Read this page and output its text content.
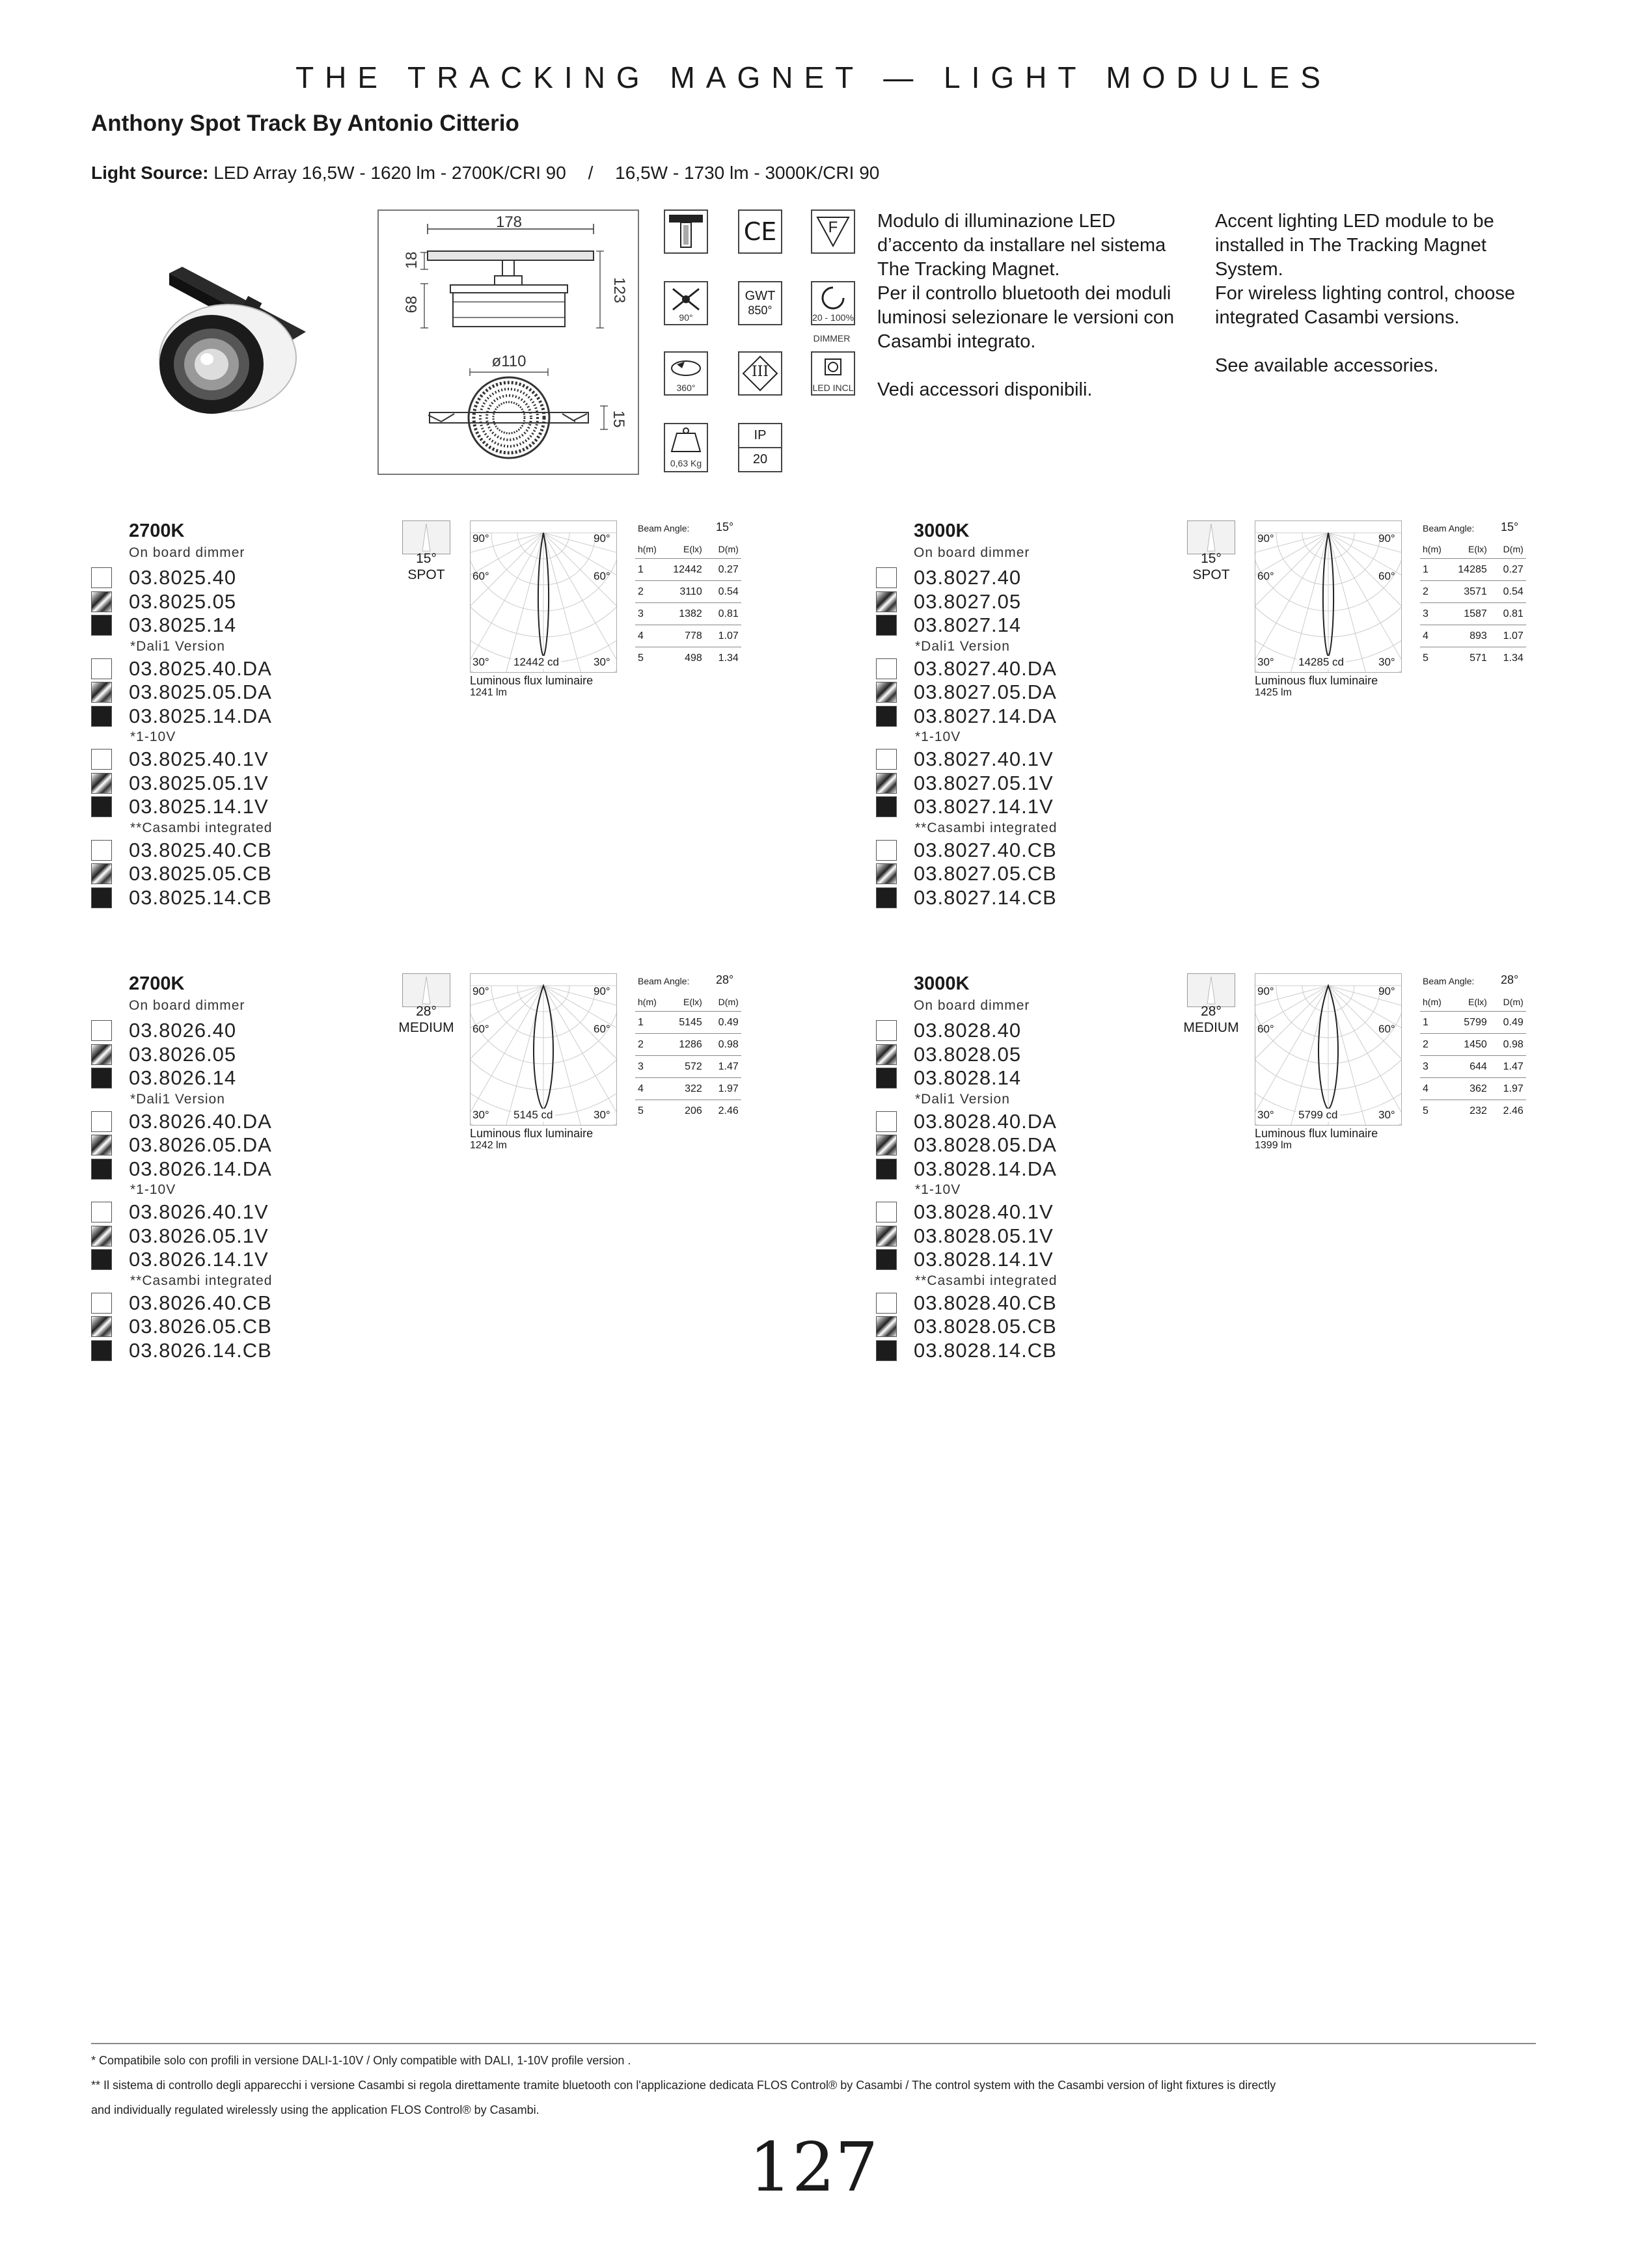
THE TRACKING MAGNET — LIGHT MODULES
Anthony Spot Track By Antonio Citterio
Light Source: LED Array 16,5W - 1620 lm - 2700K/CRI 90 / 16,5W - 1730 lm - 3000K/CRI 90
178
18
68
123
ø110
15
CE	F
90°
GWT
850°
20 - 100%
DIMMER
360°
III
LED INCL
0,63 Kg
IP
20
Modulo di illuminazione LED
d’accento da installare nel sistema
The Tracking Magnet.
Per il controllo bluetooth dei moduli
luminosi selezionare le versioni con
Casambi integrato.
Vedi accessori disponibili.
Accent lighting LED module to be
installed in The Tracking Magnet
System.
For wireless lighting control, choose
integrated Casambi versions.
See available accessories.
2700K
On board dimmer
03.8025.40
03.8025.05
03.8025.14
*Dali1 Version
03.8025.40.DA
03.8025.05.DA
03.8025.14.DA
*1-10V
03.8025.40.1V
03.8025.05.1V
03.8025.14.1V
**Casambi integrated
03.8025.40.CB
03.8025.05.CB
03.8025.14.CB
15°
SPOT
90°	90°
60°	60°
30°	30°
12442 cd
Luminous flux luminaire
1241 lm
Beam Angle: 15°
h(m)	E(lx)	D(m)
1	12442	0.27
2	3110	0.54
3	1382	0.81
4	778	1.07
5	498	1.34
3000K
On board dimmer
03.8027.40
03.8027.05
03.8027.14
*Dali1 Version
03.8027.40.DA
03.8027.05.DA
03.8027.14.DA
*1-10V
03.8027.40.1V
03.8027.05.1V
03.8027.14.1V
**Casambi integrated
03.8027.40.CB
03.8027.05.CB
03.8027.14.CB
15°
SPOT
90°	90°
60°	60°
30°	30°
14285 cd
Luminous flux luminaire
1425 lm
Beam Angle: 15°
h(m)	E(lx)	D(m)
1	14285	0.27
2	3571	0.54
3	1587	0.81
4	893	1.07
5	571	1.34
2700K
On board dimmer
03.8026.40
03.8026.05
03.8026.14
*Dali1 Version
03.8026.40.DA
03.8026.05.DA
03.8026.14.DA
*1-10V
03.8026.40.1V
03.8026.05.1V
03.8026.14.1V
**Casambi integrated
03.8026.40.CB
03.8026.05.CB
03.8026.14.CB
28°
MEDIUM
90°	90°
60°	60°
30°	30°
5145 cd
Luminous flux luminaire
1242 lm
Beam Angle: 28°
h(m)	E(lx)	D(m)
1	5145	0.49
2	1286	0.98
3	572	1.47
4	322	1.97
5	206	2.46
3000K
On board dimmer
03.8028.40
03.8028.05
03.8028.14
*Dali1 Version
03.8028.40.DA
03.8028.05.DA
03.8028.14.DA
*1-10V
03.8028.40.1V
03.8028.05.1V
03.8028.14.1V
**Casambi integrated
03.8028.40.CB
03.8028.05.CB
03.8028.14.CB
28°
MEDIUM
90°	90°
60°	60°
30°	30°
5799 cd
Luminous flux luminaire
1399 lm
Beam Angle: 28°
h(m)	E(lx)	D(m)
1	5799	0.49
2	1450	0.98
3	644	1.47
4	362	1.97
5	232	2.46
* Compatibile solo con profili in versione DALI-1-10V / Only compatible with DALI, 1-10V profile version .
** Il sistema di controllo degli apparecchi i versione Casambi si regola direttamente tramite bluetooth con l'applicazione dedicata FLOS Control® by Casambi / The control system with the Casambi version of light fixtures is directly
and individually regulated wirelessly using the application FLOS Control® by Casambi.
127
